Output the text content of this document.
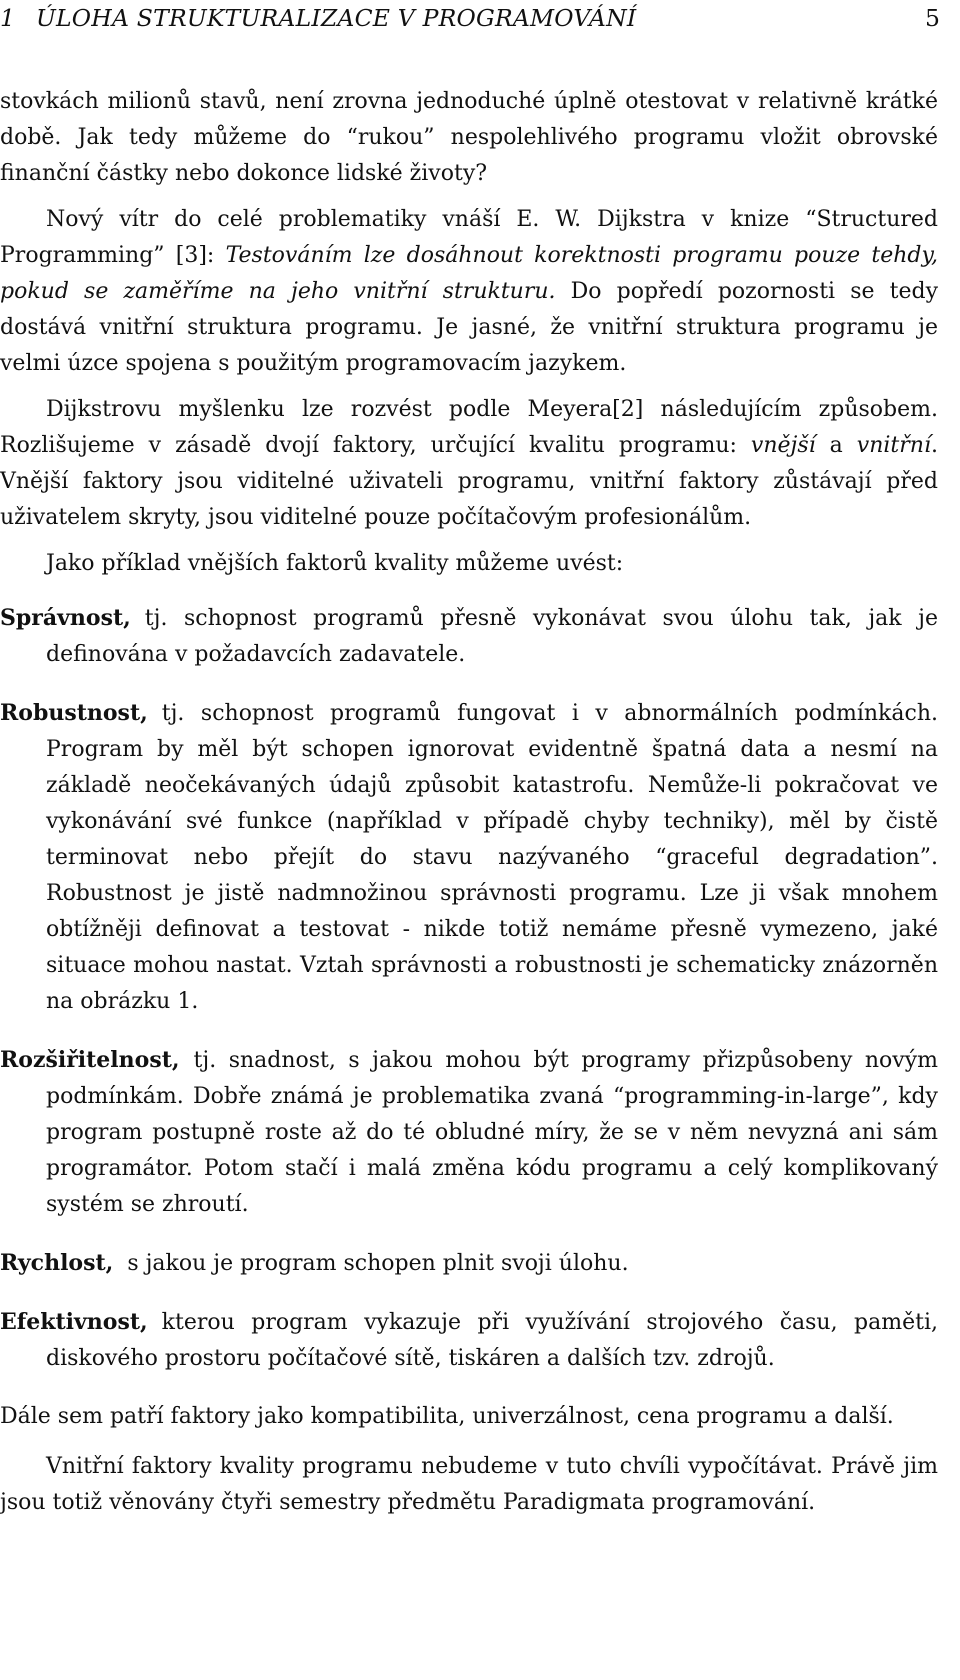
1 ÚLOHA STRUKTURALIZACE V PROGRAMOVÁNÍ	5

stovkách milionů stavů, není zrovna jednoduché úplně otestovat v relativně krátké době. Jak tedy můžeme do “rukou” nespolehlivého programu vložit obrovské finanční částky nebo dokonce lidské životy?

Nový vítr do celé problematiky vnáší E. W. Dijkstra v knize “Structured Programming” [3]: Testováním lze dosáhnout korektnosti programu pouze tehdy, pokud se zaměříme na jeho vnitřní strukturu. Do popředí pozornosti se tedy dostává vnitřní struktura programu. Je jasné, že vnitřní struktura programu je velmi úzce spojena s použitým programovacím jazykem.

Dijkstrovu myšlenku lze rozvést podle Meyera[2] následujícím způsobem. Rozlišujeme v zásadě dvojí faktory, určující kvalitu programu: vnější a vnitřní. Vnější faktory jsou viditelné uživateli programu, vnitřní faktory zůstávají před uživatelem skryty, jsou viditelné pouze počítačovým profesionálům.

Jako příklad vnějších faktorů kvality můžeme uvést:

Správnost, tj. schopnost programů přesně vykonávat svou úlohu tak, jak je definována v požadavcích zadavatele.
Robustnost, tj. schopnost programů fungovat i v abnormálních podmínkách. Program by měl být schopen ignorovat evidentně špatná data a nesmí na základě neočekávaných údajů způsobit katastrofu. Nemůže-li pokračovat ve vykonávání své funkce (například v případě chyby techniky), měl by čistě terminovat nebo přejít do stavu nazývaného “graceful degradation”. Robustnost je jistě nadmnožinou správnosti programu. Lze ji však mnohem obtížněji definovat a testovat - nikde totiž nemáme přesně vymezeno, jaké situace mohou nastat. Vztah správnosti a robustnosti je schematicky znázorněn na obrázku 1.
Rozšiřitelnost, tj. snadnost, s jakou mohou být programy přizpůsobeny novým podmínkám. Dobře známá je problematika zvaná “programming-in-large”, kdy program postupně roste až do té obludné míry, že se v něm nevyzná ani sám programátor. Potom stačí i malá změna kódu programu a celý komplikovaný systém se zhroutí.
Rychlost, s jakou je program schopen plnit svoji úlohu.
Efektivnost, kterou program vykazuje při využívání strojového času, paměti, diskového prostoru počítačové sítě, tiskáren a dalších tzv. zdrojů.

Dále sem patří faktory jako kompatibilita, univerzálnost, cena programu a další.

Vnitřní faktory kvality programu nebudeme v tuto chvíli vypočítávat. Právě jim jsou totiž věnovány čtyři semestry předmětu Paradigmata programování.
